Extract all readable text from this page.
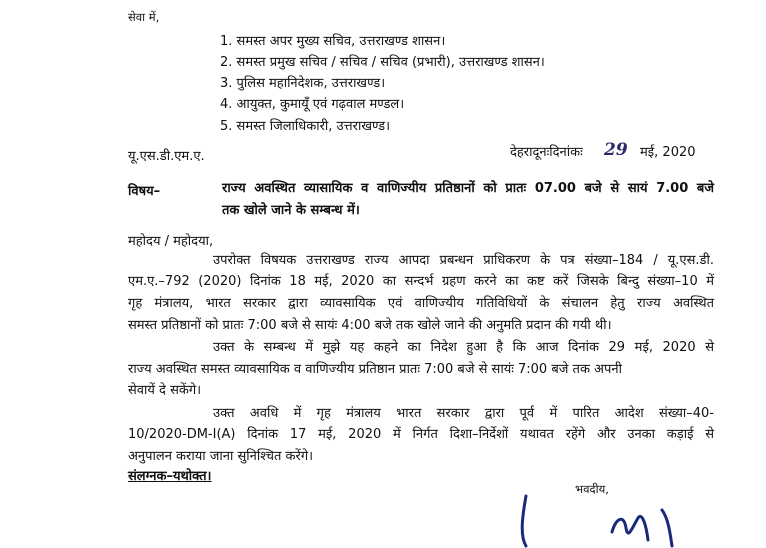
सेवा में,
1. समस्त अपर मुख्य सचिव, उत्तराखण्ड शासन।
2. समस्त प्रमुख सचिव / सचिव / सचिव (प्रभारी), उत्तराखण्ड शासन।
3. पुलिस महानिदेशक, उत्तराखण्ड।
4. आयुक्त, कुमायूँ एवं गढ़वाल मण्डल।
5. समस्त जिलाधिकारी, उत्तराखण्ड।
यू.एस.डी.एम.ए.	देहरादूनःदिनांकः 29 मई, 2020
विषय–	राज्य अवस्थित व्यासायिक व वाणिज्यीय प्रतिष्ठानों को प्रातः 07.00 बजे से सायं 7.00 बजे
तक खोले जाने के सम्बन्ध में।
महोदय / महोदया,
उपरोक्त विषयक उत्तराखण्ड राज्य आपदा प्रबन्धन प्राधिकरण के पत्र संख्या–184 / यू.एस.डी.
एम.ए.–792 (2020) दिनांक 18 मई, 2020 का सन्दर्भ ग्रहण करने का कष्ट करें जिसके बिन्दु संख्या–10 में
गृह मंत्रालय, भारत सरकार द्वारा व्यावसायिक एवं वाणिज्यीय गतिविधियों के संचालन हेतु राज्य अवस्थित
समस्त प्रतिष्ठानों को प्रातः 7:00 बजे से सायंः 4:00 बजे तक खोले जाने की अनुमति प्रदान की गयी थी।
उक्त के सम्बन्ध में मुझे यह कहने का निदेश हुआ है कि आज दिनांक 29 मई, 2020 से
राज्य अवस्थित समस्त व्यावसायिक व वाणिज्यीय प्रतिष्ठान प्रातः 7:00 बजे से सायंः 7:00 बजे तक अपनी
सेवायें दे सकेंगे।
उक्त अवधि में गृह मंत्रालय भारत सरकार द्वारा पूर्व में पारित आदेश संख्या–40-
10/2020-DM-I(A) दिनांक 17 मई, 2020 में निर्गत दिशा–निर्देशों यथावत रहेंगे और उनका कड़ाई से
अनुपालन कराया जाना सुनिश्चित करेंगे।
संलग्नक–यथोक्त।
भवदीय,
